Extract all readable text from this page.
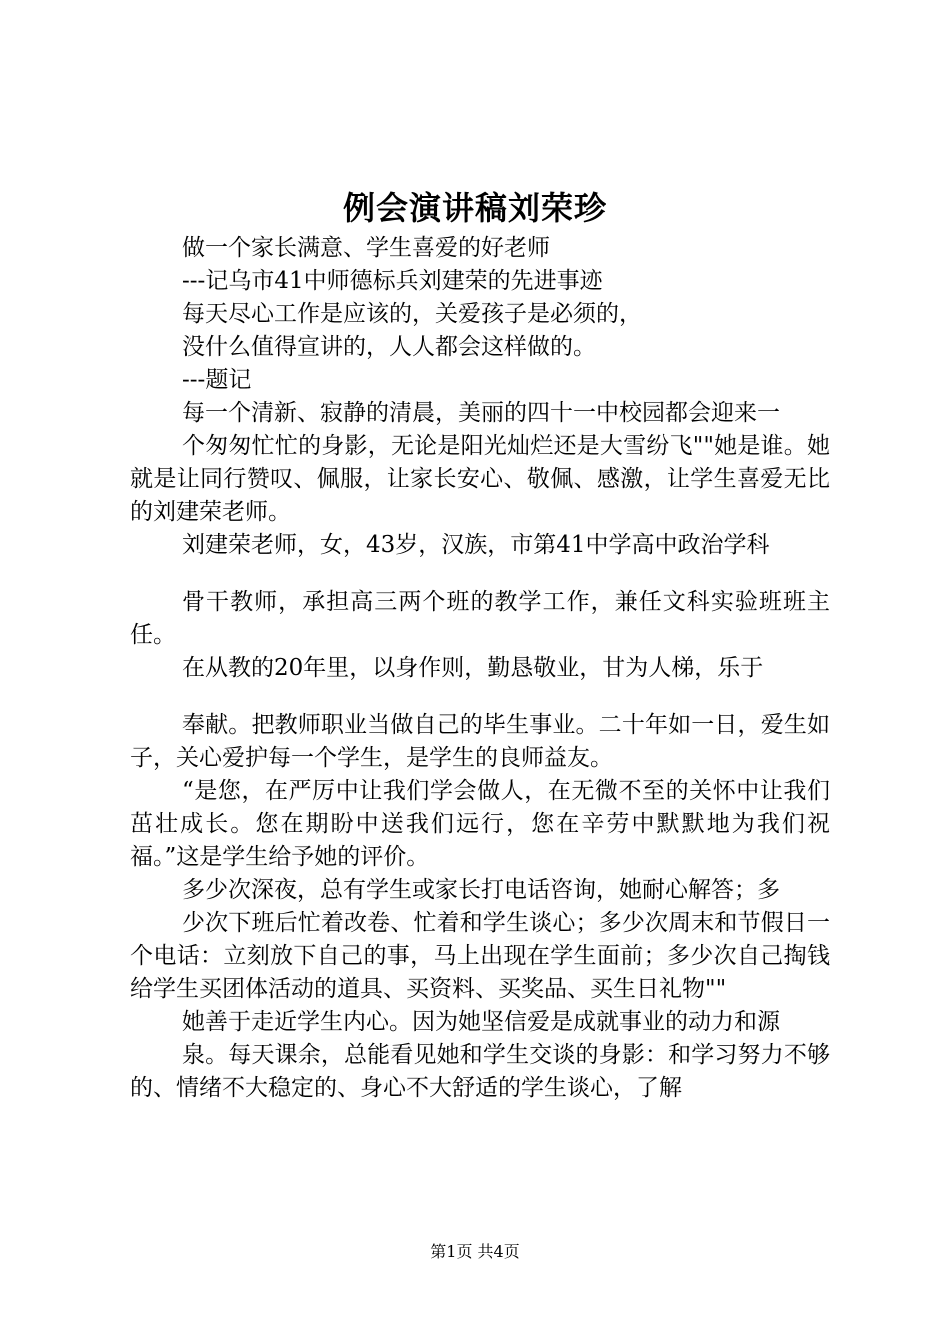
例会演讲稿刘荣珍

做一个家长满意、学生喜爱的好老师

---记乌市41中师德标兵刘建荣的先进事迹

每天尽心工作是应该的，关爱孩子是必须的，

没什么值得宣讲的，人人都会这样做的。

---题记

每一个清新、寂静的清晨，美丽的四十一中校园都会迎来一

个匆匆忙忙的身影，无论是阳光灿烂还是大雪纷飞""她是谁。她就是让同行赞叹、佩服，让家长安心、敬佩、感激，让学生喜爱无比的刘建荣老师。

刘建荣老师，女，43岁，汉族，市第41中学高中政治学科

骨干教师，承担高三两个班的教学工作，兼任文科实验班班主任。

在从教的20年里，以身作则，勤恳敬业，甘为人梯，乐于

奉献。把教师职业当做自己的毕生事业。二十年如一日，爱生如子，关心爱护每一个学生，是学生的良师益友。

“是您，在严厉中让我们学会做人，在无微不至的关怀中让我们茁壮成长。您在期盼中送我们远行，您在辛劳中默默地为我们祝福。”这是学生给予她的评价。

多少次深夜，总有学生或家长打电话咨询，她耐心解答；多

少次下班后忙着改卷、忙着和学生谈心；多少次周末和节假日一个电话：立刻放下自己的事，马上出现在学生面前；多少次自己掏钱给学生买团体活动的道具、买资料、买奖品、买生日礼物""

她善于走近学生内心。因为她坚信爱是成就事业的动力和源

泉。每天课余，总能看见她和学生交谈的身影：和学习努力不够的、情绪不大稳定的、身心不大舒适的学生谈心，了解

第1页 共4页
